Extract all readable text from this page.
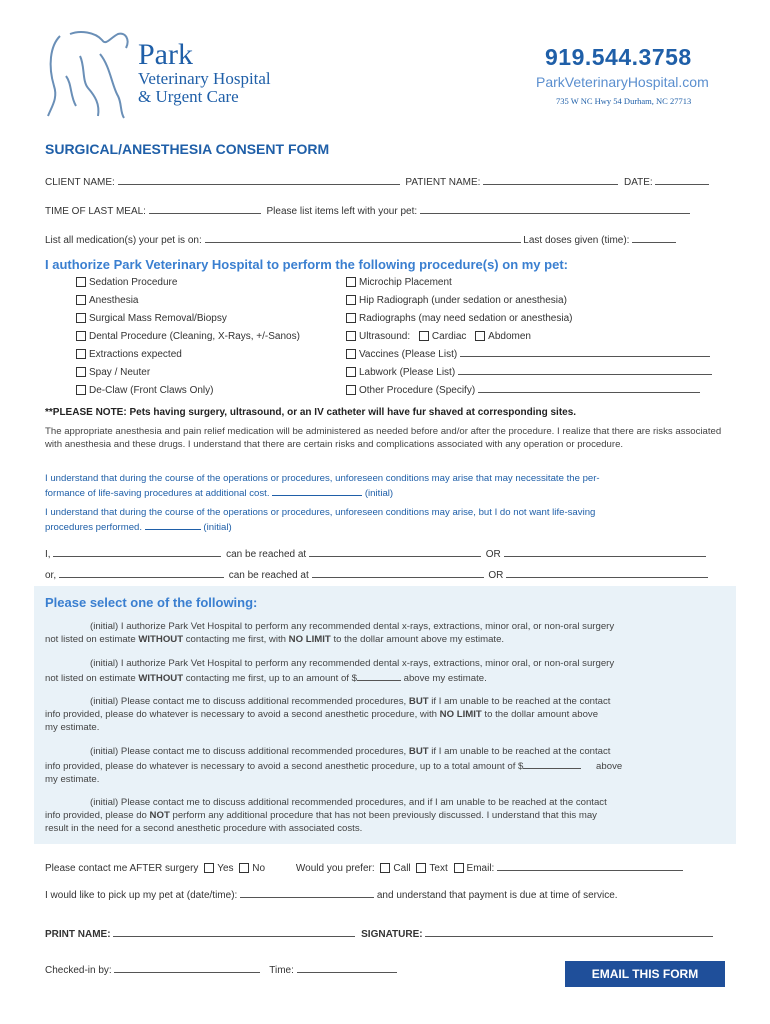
Park
Veterinary Hospital
& Urgent Care
919.544.3758
ParkVeterinaryHospital.com
735 W NC Hwy 54 Durham, NC 27713
SURGICAL/ANESTHESIA CONSENT FORM
CLIENT NAME:	PATIENT NAME:	DATE:
TIME OF LAST MEAL:	Please list items left with your pet:
List all medication(s) your pet is on:	Last doses given (time):
I authorize Park Veterinary Hospital to perform the following procedure(s) on my pet:
Sedation Procedure
Anesthesia
Surgical Mass Removal/Biopsy
Dental Procedure (Cleaning, X-Rays, +/-Sanos)
Extractions expected
Spay / Neuter
De-Claw (Front Claws Only)
Microchip Placement
Hip Radiograph (under sedation or anesthesia)
Radiographs (may need sedation or anesthesia)
Ultrasound: Cardiac Abdomen
Vaccines (Please List)
Labwork (Please List)
Other Procedure (Specify)
**PLEASE NOTE: Pets having surgery, ultrasound, or an IV catheter will have fur shaved at corresponding sites.
The appropriate anesthesia and pain relief medication will be administered as needed before and/or after the procedure. I realize that there are risks associated with anesthesia and these drugs. I understand that there are certain risks and complications associated with any operation or procedure.
I understand that during the course of the operations or procedures, unforeseen conditions may arise that may necessitate the per-
formance of life-saving procedures at additional cost.	(initial)
I understand that during the course of the operations or procedures, unforeseen conditions may arise, but I do not want life-saving
procedures performed.	(initial)
I,	can be reached at	OR
or,	can be reached at	OR
Please select one of the following:
(initial) I authorize Park Vet Hospital to perform any recommended dental x-rays, extractions, minor oral, or non-oral surgery
not listed on estimate WITHOUT contacting me first, with NO LIMIT to the dollar amount above my estimate.
(initial) I authorize Park Vet Hospital to perform any recommended dental x-rays, extractions, minor oral, or non-oral surgery
not listed on estimate WITHOUT contacting me first, up to an amount of $	above my estimate.
(initial) Please contact me to discuss additional recommended procedures, BUT if I am unable to be reached at the contact
info provided, please do whatever is necessary to avoid a second anesthetic procedure, with NO LIMIT to the dollar amount above
my estimate.
(initial) Please contact me to discuss additional recommended procedures, BUT if I am unable to be reached at the contact
info provided, please do whatever is necessary to avoid a second anesthetic procedure, up to a total amount of $	above
my estimate.
(initial) Please contact me to discuss additional recommended procedures, and if I am unable to be reached at the contact
info provided, please do NOT perform any additional procedure that has not been previously discussed. I understand that this may
result in the need for a second anesthetic procedure with associated costs.
Please contact me AFTER surgery Yes No	Would you prefer: Call Text Email:
I would like to pick up my pet at (date/time):	and understand that payment is due at time of service.
PRINT NAME:	SIGNATURE:
Checked-in by:	Time:	EMAIL THIS FORM
